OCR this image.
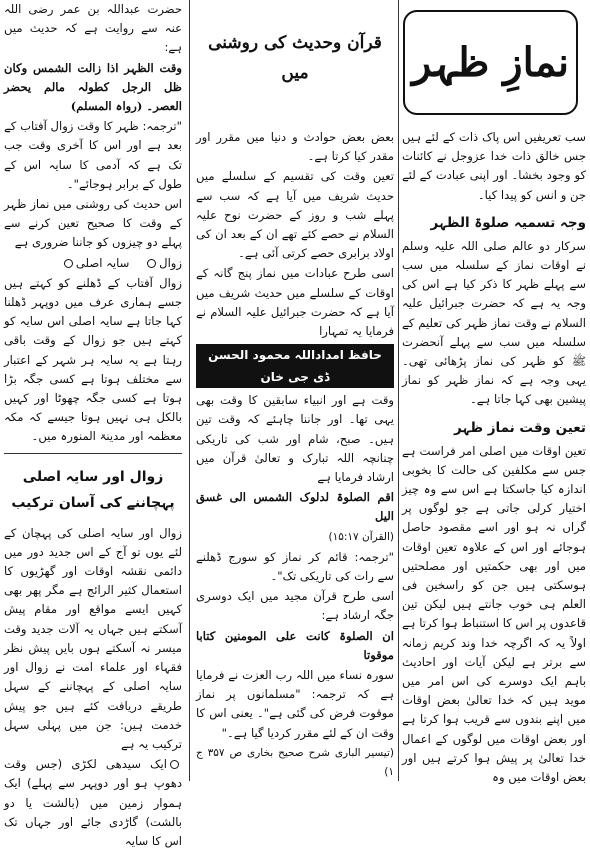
نمازِ ظہر

سب تعریفیں اس پاک ذات کے لئے ہیں جس خالق ذات خدا عزوجل نے کائنات کو وجود بخشا۔ اور اپنی عبادت کے لئے جن و انس کو پیدا کیا۔

وجہ تسمیہ صلوۃ الظہر

سرکار دو عالم صلی اللہ علیہ وسلم نے اوقات نماز کے سلسلہ میں سب سے پہلے ظہر کا ذکر کیا ہے اس کی وجہ یہ ہے کہ حضرت جبرائیل علیہ السلام نے وقت نماز ظہر کی تعلیم کے سلسلہ میں سب سے پہلے آنحضرت ﷺ کو ظہر کی نماز پڑھائی تھی۔ یہی وجہ ہے کہ نماز ظہر کو نماز پیشین بھی کہا جاتا ہے۔

تعین وقت نماز ظہر

تعین اوقات میں اصلی امر فراست ہے جس سے مکلفین کی حالت کا بخوبی اندازہ کیا جاسکتا ہے اس سے وہ چیز اختیار کرلی جاتی ہے جو لوگوں پر گراں نہ ہو اور اسے مقصود حاصل ہوجائے اور اس کے علاوہ تعین اوقات میں اور بھی حکمتیں اور مصلحتیں ہوسکتی ہیں جن کو راسخین فی العلم ہی خوب جانتے ہیں لیکن تین قاعدوں پر اس کا استنباط ہوا کرتا ہے اولاً یہ کہ اگرچہ خدا وند کریم زمانہ سے برتر ہے لیکن آیات اور احادیث باہم ایک دوسرے کی اس امر میں موید ہیں کہ خدا تعالیٰ بعض اوقات میں اپنے بندوں سے قریب ہوا کرتا ہے اور بعض اوقات میں لوگوں کے اعمال خدا تعالیٰ پر پیش ہوا کرتے ہیں اور بعض اوقات میں وہ

بعض بعض حوادث و دنیا میں مقرر اور مقدر کیا کرتا ہے۔

تعین وقت کی تقسیم کے سلسلے میں حدیث شریف میں آیا ہے کہ سب سے پہلے شب و روز کے حضرت نوح علیہ السلام نے حصے کئے تھے ان کے بعد ان کی اولاد برابری حصے کرتی آئی ہے۔

اسی طرح عبادات میں نماز پنج گانہ کے اوقات کے سلسلے میں حدیث شریف میں آیا ہے کہ حضرت جبرائیل علیہ السلام نے فرمایا یہ تمہارا

حافظ امداداللہ محمود الحسن ڈی جی خان

وقت ہے اور انبیاء سابقین کا وقت بھی یہی تھا۔ اور جاننا چاہئے کہ وقت تین ہیں۔ صبح، شام اور شب کی تاریکی چنانچہ اللہ تبارک و تعالیٰ قرآن میں ارشاد فرمایا ہے

اقم الصلوۃ لدلوک الشمس الی غسق الیل

(القرآن ۱۵:۱۷)

"ترجمہ: قائم کر نماز کو سورج ڈھلنے سے رات کی تاریکی تک"۔

اسی طرح قرآن مجید میں ایک دوسری جگہ ارشاد ہے:

ان الصلوۃ کانت علی المومنین کتابا موقوتا

سورہ نساء میں اللہ رب العزت نے فرمایا ہے کہ ترجمہ: "مسلمانوں پر نماز موقوت فرض کی گئی ہے"۔ یعنی اس کا وقت ان کے لئے مقرر کردیا گیا ہے۔"

(تیسیر الباری شرح صحیح بخاری ص ۳۵۷ ج ۱)

قرآن وحدیث کی روشنی میں

حضرت عبداللہ بن عمر رضی اللہ عنہ سے روایت ہے کہ حدیث میں ہے:

وقت الظہر اذا زالت الشمس وکان ظل الرجل کطولہ مالم یحضر العصر۔ (رواہ المسلم)

"ترجمہ: ظہر کا وقت زوال آفتاب کے بعد ہے اور اس کا آخری وقت جب تک ہے کہ آدمی کا سایہ اس کے طول کے برابر ہوجائے"۔

اس حدیث کی روشنی میں نماز ظہر کے وقت کا صحیح تعین کرنے سے پہلے دو چیزوں کو جاننا ضروری ہے

زوال    سایہ اصلی

زوال آفتاب کے ڈھلنے کو کہتے ہیں جسے ہماری عرف میں دوپہر ڈھلنا کہا جاتا ہے سایہ اصلی اس سایہ کو کہتے ہیں جو زوال کے وقت باقی رہتا ہے یہ سایہ ہر شہر کے اعتبار سے مختلف ہوتا ہے کسی جگہ بڑا ہوتا ہے کسی جگہ چھوٹا اور کہیں بالکل ہی نہیں ہوتا جیسے کہ مکہ معظمہ اور مدینۃ المنورہ میں۔

زوال اور سایہ اصلی پہچاننے کی آسان ترکیب

زوال اور سایہ اصلی کی پہچان کے لئے یوں تو آج کے اس جدید دور میں دائمی نقشہ اوقات اور گھڑیوں کا استعمال کثیر الرائج ہے مگر پھر بھی کہیں ایسے مواقع اور مقام پیش آسکتے ہیں جہاں یہ آلات جدید وقت میسر نہ آسکتے ہوں بایں پیش نظر فقہاء اور علماء امت نے زوال اور سایہ اصلی کے پہچاننے کے سہل طریقے دریافت کئے ہیں جو پیش خدمت ہیں: جن میں پہلی سہل ترکیب یہ ہے

ایک سیدھی لکڑی (جس وقت دھوپ ہو اور دوپہر سے پہلے) ایک ہموار زمین میں (بالشت یا دو بالشت) گاڑدی جائے اور جہاں تک اس کا سایہ
